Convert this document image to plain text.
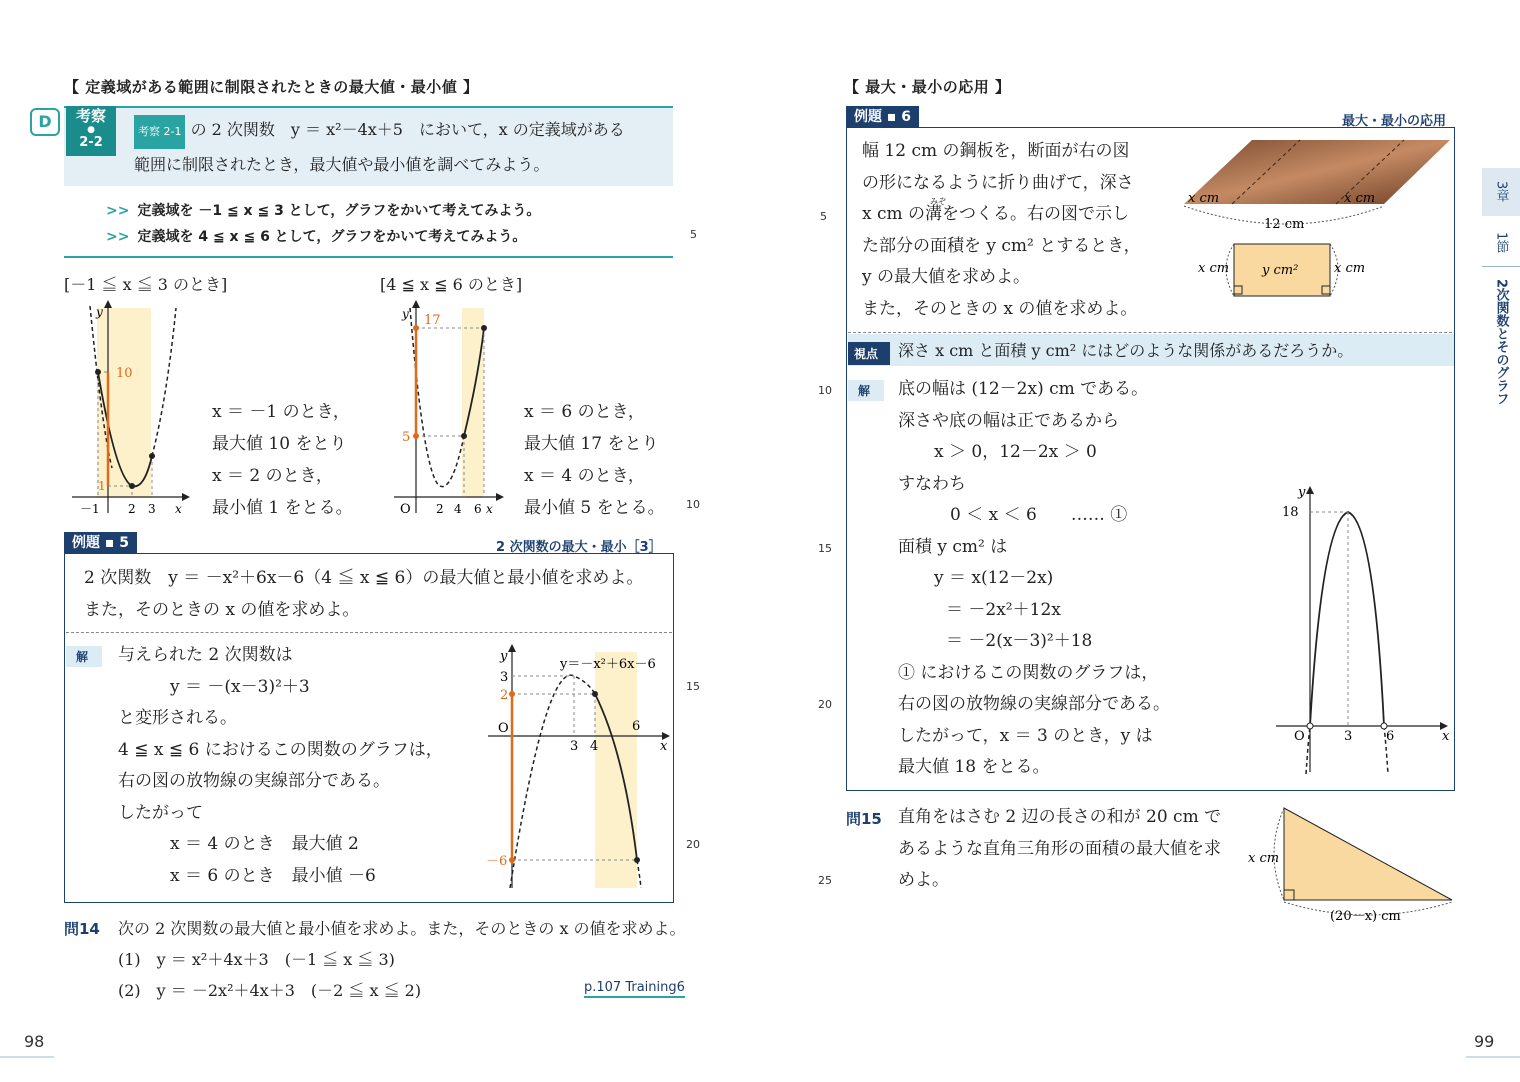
【 定義域がある範囲に制限されたときの最大値・最小値 】
D	考察
●
2-2
考察 2-1 の 2 次関数　y ＝ x²－4x＋5　において，x の定義域がある
範囲に制限されたとき，最大値や最小値を調べてみよう。
>> 定義域を －1 ≦ x ≦ 3 として，グラフをかいて考えてみよう。
>> 定義域を 4 ≦ x ≦ 6 として，グラフをかいて考えてみよう。
[－1 ≦ x ≦ 3 のとき]
y
x
10
1
－1 2 3
x ＝ －1 のとき，
最大値 10 をとり
x ＝ 2 のとき，
最小値 1 をとる。
[4 ≦ x ≦ 6 のとき]
y
x
17
5
O 2 4 6
x ＝ 6 のとき，
最大値 17 をとり
x ＝ 4 のとき，
最小値 5 をとる。
例題 ▪ 5	2 次関数の最大・最小［3］
2 次関数　y ＝ －x²＋6x－6（4 ≦ x ≦ 6）の最大値と最小値を求めよ。
また，そのときの x の値を求めよ。
解	与えられた 2 次関数は
y ＝ －(x－3)²＋3
と変形される。
4 ≦ x ≦ 6 におけるこの関数のグラフは，
右の図の放物線の実線部分である。
したがって
x ＝ 4 のとき　最大値 2
x ＝ 6 のとき　最小値 －6
y
x
y＝－x²＋6x－6
3
2
－6
O
3 4
6
問14 次の 2 次関数の最大値と最小値を求めよ。また，そのときの x の値を求めよ。
(1)　y ＝ x²＋4x＋3　(－1 ≦ x ≦ 3)
(2)　y ＝ －2x²＋4x＋3　(－2 ≦ x ≦ 2)	p.107 Training6
5
10
15
20
98
【 最大・最小の応用 】
例題 ▪ 6	最大・最小の応用
幅 12 cm の鋼板を，断面が右の図
の形になるように折り曲げて，深さ
x cm の溝をつくる。右の図で示し
た部分の面積を y cm² とするとき，
y の最大値を求めよ。
また，そのときの x の値を求めよ。
みぞ	x cm	x cm
12 cm
x cm	x cm
y cm²
視点	深さ x cm と面積 y cm² にはどのような関係があるだろうか。
解	底の幅は (12－2x) cm である。
深さや底の幅は正であるから
x ＞ 0，12－2x ＞ 0
すなわち
0 ＜ x ＜ 6　　…… ①
面積 y cm² は
y ＝ x(12－2x)
＝ －2x²＋12x
＝ －2(x－3)²＋18
① におけるこの関数のグラフは，
右の図の放物線の実線部分である。
したがって，x ＝ 3 のとき，y は
最大値 18 をとる。
y
x
18
O	3	6
問15 直角をはさむ 2 辺の長さの和が 20 cm で
あるような直角三角形の面積の最大値を求
めよ。
x cm
(20－x) cm
5
10
15
20
25
3章
1節
2次関数とそのグラフ
99
